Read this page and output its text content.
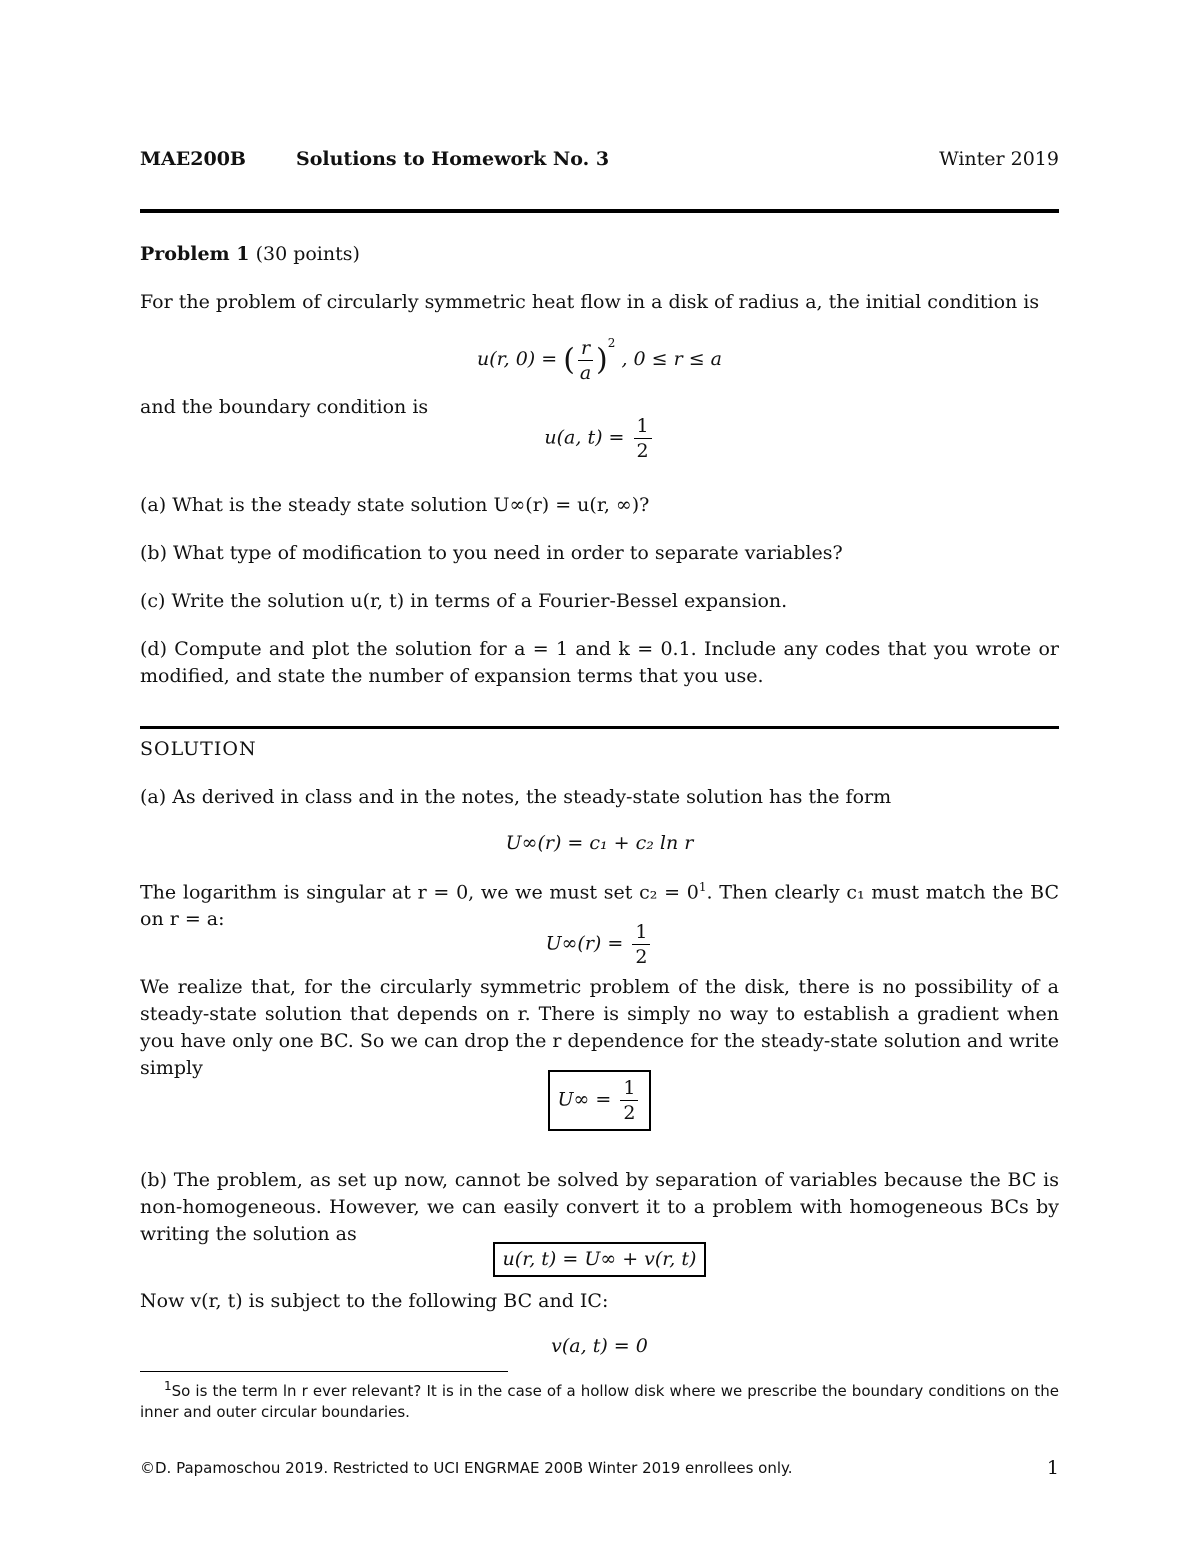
MAE200B	Solutions to Homework No. 3	Winter 2019
Problem 1 (30 points)
For the problem of circularly symmetric heat flow in a disk of radius a, the initial condition is
u(r, 0) = ( $\frac{r}{a} )^2$ , 0 ≤ r ≤ a
and the boundary condition is
u(a, $t) = \frac{1}{2}$
(a) What is the steady state solution U∞(r) = u(r, ∞)?
(b) What type of modification to you need in order to separate variables?
(c) Write the solution u(r, t) in terms of a Fourier-Bessel expansion.
(d) Compute and plot the solution for a = 1 and k = 0.1. Include any codes that you wrote or modified, and state the number of expansion terms that you use.
SOLUTION
(a) As derived in class and in the notes, the steady-state solution has the form
U∞(r) = c₁ + c₂ ln r
The logarithm is singular at r = 0, we we must set $c_2 = 0^1$. Then clearly c₁ must match the BC on r = a:
$U\infty(r) = \frac{1}{2}$
We realize that, for the circularly symmetric problem of the disk, there is no possibility of a steady-state solution that depends on r. There is simply no way to establish a gradient when you have only one BC. So we can drop the r dependence for the steady-state solution and write simply
$U\infty = \frac{1}{2}$
(b) The problem, as set up now, cannot be solved by separation of variables because the BC is non-homogeneous. However, we can easily convert it to a problem with homogeneous BCs by writing the solution as
u(r, t) = U∞ + v(r, t)
Now v(r, t) is subject to the following BC and IC:
v(a, t) = 0
$^1$So is the term ln r ever relevant? It is in the case of a hollow disk where we prescribe the boundary conditions on the inner and outer circular boundaries.
©D. Papamoschou 2019. Restricted to UCI ENGRMAE 200B Winter 2019 enrollees only.	1
